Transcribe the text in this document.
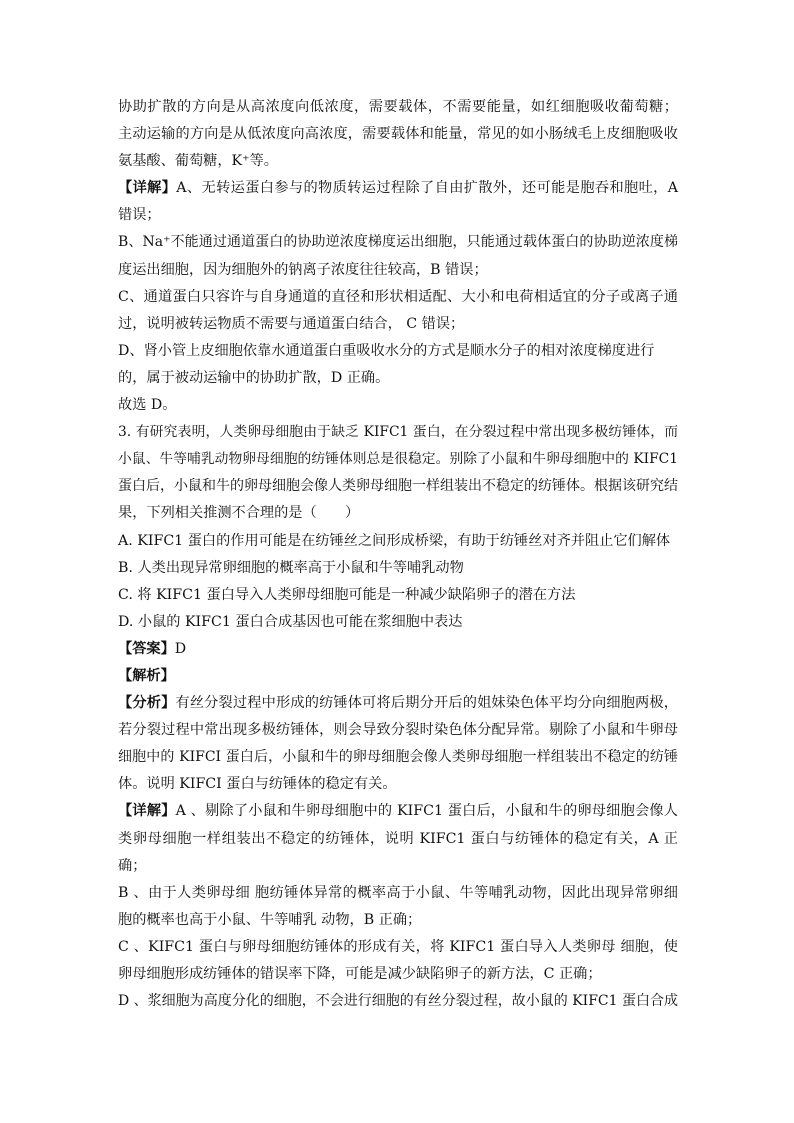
协助扩散的方向是从高浓度向低浓度，需要载体，不需要能量，如红细胞吸收葡萄糖；
主动运输的方向是从低浓度向高浓度，需要载体和能量，常见的如小肠绒毛上皮细胞吸收
氨基酸、葡萄糖，K⁺等。
【详解】A、无转运蛋白参与的物质转运过程除了自由扩散外，还可能是胞吞和胞吐，A
错误；
B、Na⁺不能通过通道蛋白的协助逆浓度梯度运出细胞，只能通过载体蛋白的协助逆浓度梯
度运出细胞，因为细胞外的钠离子浓度往往较高，B 错误；
C、通道蛋白只容许与自身通道的直径和形状相适配、大小和电荷相适宜的分子或离子通
过，说明被转运物质不需要与通道蛋白结合， C 错误；
D、肾小管上皮细胞依靠水通道蛋白重吸收水分的方式是顺水分子的相对浓度梯度进行
的，属于被动运输中的协助扩散，D 正确。
故选 D。
3. 有研究表明，人类卵母细胞由于缺乏 KIFC1 蛋白，在分裂过程中常出现多极纺锤体，而
小鼠、牛等哺乳动物卵母细胞的纺锤体则总是很稳定。别除了小鼠和牛卵母细胞中的 KIFC1
蛋白后，小鼠和牛的卵母细胞会像人类卵母细胞一样组装出不稳定的纺锤体。根据该研究结
果，下列相关推测不合理的是（　　）
A. KIFC1 蛋白的作用可能是在纺锤丝之间形成桥梁，有助于纺锤丝对齐并阻止它们解体
B. 人类出现异常卵细胞的概率高于小鼠和牛等哺乳动物
C. 将 KIFC1 蛋白导入人类卵母细胞可能是一种减少缺陷卵子的潜在方法
D. 小鼠的 KIFC1 蛋白合成基因也可能在浆细胞中表达
【答案】D
【解析】
【分析】有丝分裂过程中形成的纺锤体可将后期分开后的姐妹染色体平均分向细胞两极，
若分裂过程中常出现多极纺锤体，则会导致分裂时染色体分配异常。剔除了小鼠和牛卵母
细胞中的 KIFCI 蛋白后，小鼠和牛的卵母细胞会像人类卵母细胞一样组装出不稳定的纺锤
体。说明 KIFCI 蛋白与纺锤体的稳定有关。
【详解】A 、剔除了小鼠和牛卵母细胞中的 KIFC1 蛋白后，小鼠和牛的卵母细胞会像人
类卵母细胞一样组装出不稳定的纺锤体，说明 KIFC1 蛋白与纺锤体的稳定有关，A 正
确；
B 、由于人类卵母细 胞纺锤体异常的概率高于小鼠、牛等哺乳动物，因此出现异常卵细
胞的概率也高于小鼠、牛等哺乳 动物，B 正确；
C 、KIFC1 蛋白与卵母细胞纺锤体的形成有关，将 KIFC1 蛋白导入人类卵母 细胞，使
卵母细胞形成纺锤体的错误率下降，可能是减少缺陷卵子的新方法，C 正确；
D 、浆细胞为高度分化的细胞，不会进行细胞的有丝分裂过程，故小鼠的 KIFC1 蛋白合成
